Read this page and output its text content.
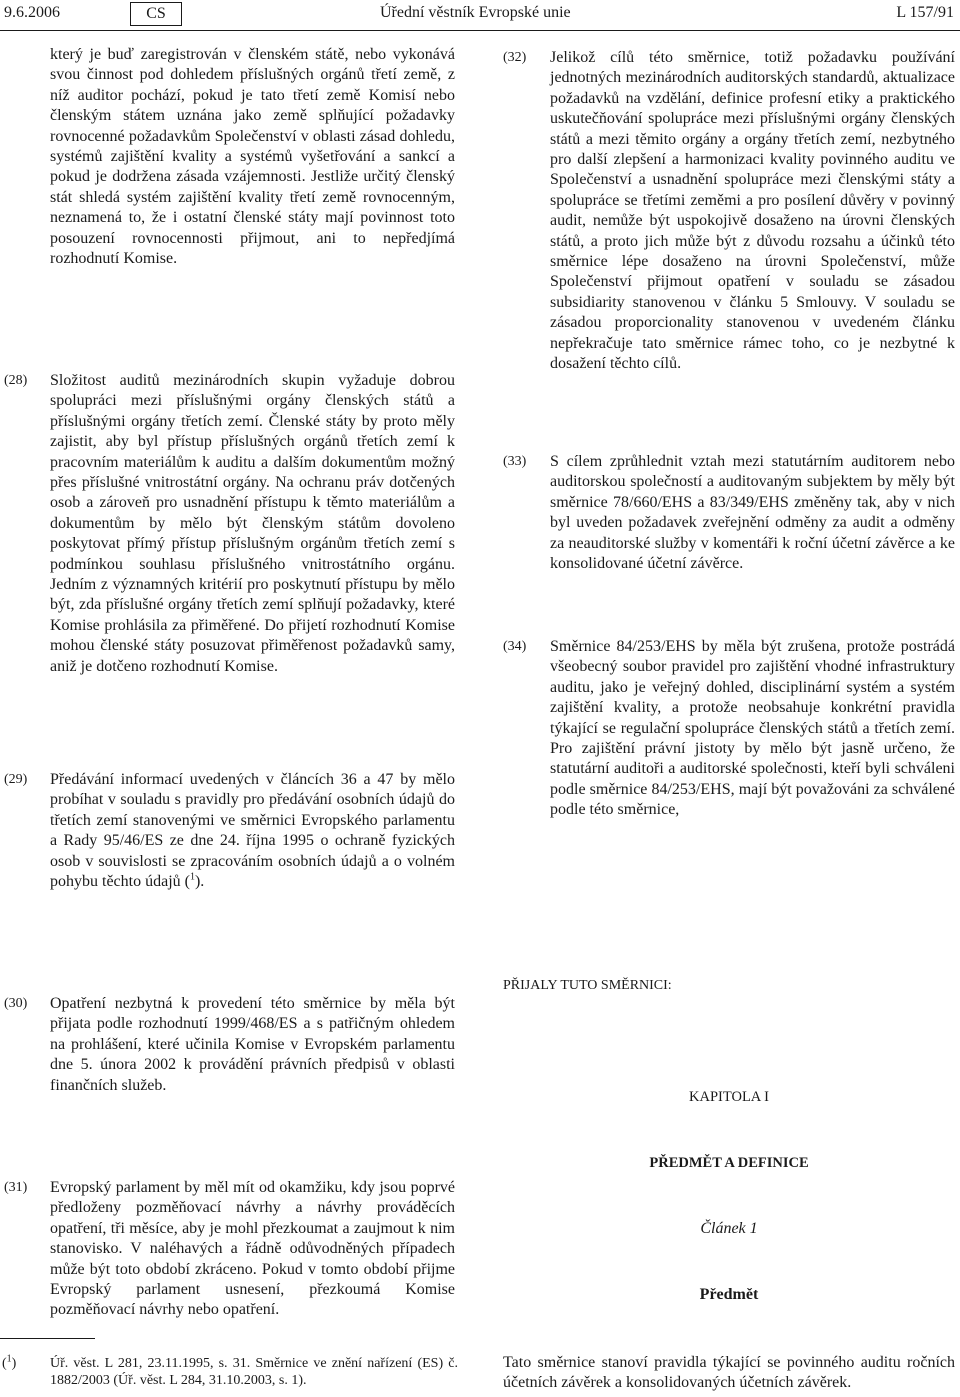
9.6.2006	CS	Úřední věstník Evropské unie	L 157/91
který je buď zaregistrován v členském státě, nebo vykonává svou činnost pod dohledem příslušných orgánů třetí země, z níž auditor pochází, pokud je tato třetí země Komisí nebo členským státem uznána jako země splňující požadavky rovnocenné požadavkům Společenství v oblasti zásad dohledu, systémů zajištění kvality a systémů vyšetřování a sankcí a pokud je dodržena zásada vzájemnosti. Jestliže určitý členský stát shledá systém zajištění kvality třetí země rovnocenným, neznamená to, že i ostatní členské státy mají povinnost toto posouzení rovnocennosti přijmout, ani to nepředjímá rozhodnutí Komise.
(28) Složitost auditů mezinárodních skupin vyžaduje dobrou spolupráci mezi příslušnými orgány členských států a příslušnými orgány třetích zemí. Členské státy by proto měly zajistit, aby byl přístup příslušných orgánů třetích zemí k pracovním materiálům k auditu a dalším dokumentům možný přes příslušné vnitrostátní orgány. Na ochranu práv dotčených osob a zároveň pro usnadnění přístupu k těmto materiálům a dokumentům by mělo být členským státům dovoleno poskytovat přímý přístup příslušným orgánům třetích zemí s podmínkou souhlasu příslušného vnitrostátního orgánu. Jedním z významných kritérií pro poskytnutí přístupu by mělo být, zda příslušné orgány třetích zemí splňují požadavky, které Komise prohlásila za přiměřené. Do přijetí rozhodnutí Komise mohou členské státy posuzovat přiměřenost požadavků samy, aniž je dotčeno rozhodnutí Komise.
(29) Předávání informací uvedených v článcích 36 a 47 by mělo probíhat v souladu s pravidly pro předávání osobních údajů do třetích zemí stanovenými ve směrnici Evropského parlamentu a Rady 95/46/ES ze dne 24. října 1995 o ochraně fyzických osob v souvislosti se zpracováním osobních údajů a o volném pohybu těchto údajů ($^1$).
(30) Opatření nezbytná k provedení této směrnice by měla být přijata podle rozhodnutí 1999/468/ES a s patřičným ohledem na prohlášení, které učinila Komise v Evropském parlamentu dne 5. února 2002 k provádění právních předpisů v oblasti finančních služeb.
(31) Evropský parlament by měl mít od okamžiku, kdy jsou poprvé předloženy pozměňovací návrhy a návrhy prováděcích opatření, tři měsíce, aby je mohl přezkoumat a zaujmout k nim stanovisko. V naléhavých a řádně odůvodněných případech může být toto období zkráceno. Pokud v tomto období přijme Evropský parlament usnesení, přezkoumá Komise pozměňovací návrhy nebo opatření.
(32) Jelikož cílů této směrnice, totiž požadavku používání jednotných mezinárodních auditorských standardů, aktualizace požadavků na vzdělání, definice profesní etiky a praktického uskutečňování spolupráce mezi příslušnými orgány členských států a mezi těmito orgány a orgány třetích zemí, nezbytného pro další zlepšení a harmonizaci kvality povinného auditu ve Společenství a usnadnění spolupráce mezi členskými státy a spolupráce se třetími zeměmi a pro posílení důvěry v povinný audit, nemůže být uspokojivě dosaženo na úrovni členských států, a proto jich může být z důvodu rozsahu a účinků této směrnice lépe dosaženo na úrovni Společenství, může Společenství přijmout opatření v souladu se zásadou subsidiarity stanovenou v článku 5 Smlouvy. V souladu se zásadou proporcionality stanovenou v uvedeném článku nepřekračuje tato směrnice rámec toho, co je nezbytné k dosažení těchto cílů.
(33) S cílem zprůhlednit vztah mezi statutárním auditorem nebo auditorskou společností a auditovaným subjektem by měly být směrnice 78/660/EHS a 83/349/EHS změněny tak, aby v nich byl uveden požadavek zveřejnění odměny za audit a odměny za neauditorské služby v komentáři k roční účetní závěrce a ke konsolidované účetní závěrce.
(34) Směrnice 84/253/EHS by měla být zrušena, protože postrádá všeobecný soubor pravidel pro zajištění vhodné infrastruktury auditu, jako je veřejný dohled, disciplinární systém a systém zajištění kvality, a protože neobsahuje konkrétní pravidla týkající se regulační spolupráce členských států a třetích zemí. Pro zajištění právní jistoty by mělo být jasně určeno, že statutární auditoři a auditorské společnosti, kteří byli schváleni podle směrnice 84/253/EHS, mají být považováni za schválené podle této směrnice,
PŘIJALY TUTO SMĚRNICI:
KAPITOLA I
PŘEDMĚT A DEFINICE
Článek 1
Předmět
Tato směrnice stanoví pravidla týkající se povinného auditu ročních účetních závěrek a konsolidovaných účetních závěrek.
($^1$) Úř. věst. L 281, 23.11.1995, s. 31. Směrnice ve znění nařízení (ES) č. 1882/2003 (Úř. věst. L 284, 31.10.2003, s. 1).
